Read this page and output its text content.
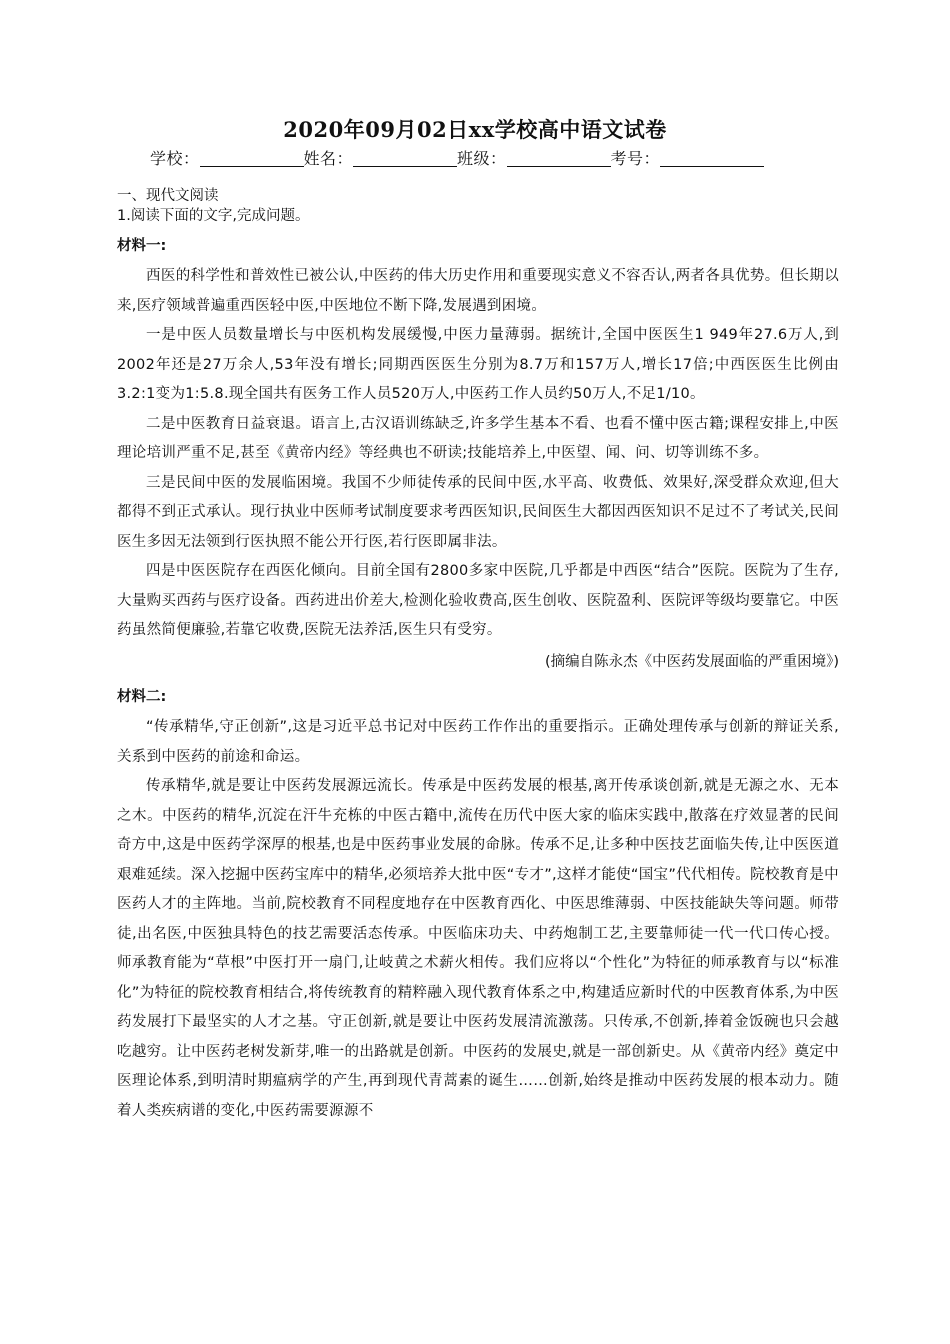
2020年09月02日xx学校高中语文试卷
学校：	姓名：	班级：	考号：

一、现代文阅读

1.阅读下面的文字,完成问题。

材料一:

西医的科学性和普效性已被公认,中医药的伟大历史作用和重要现实意义不容否认,两者各具优势。但长期以来,医疗领域普遍重西医轻中医,中医地位不断下降,发展遇到困境。

一是中医人员数量增长与中医机构发展缓慢,中医力量薄弱。据统计,全国中医医生1 949年27.6万人,到2002年还是27万余人,53年没有增长;同期西医医生分别为8.7万和157万人,增长17倍;中西医医生比例由3.2:1变为1:5.8.现全国共有医务工作人员520万人,中医药工作人员约50万人,不足1/10。

二是中医教育日益衰退。语言上,古汉语训练缺乏,许多学生基本不看、也看不懂中医古籍;课程安排上,中医理论培训严重不足,甚至《黄帝内经》等经典也不研读;技能培养上,中医望、闻、问、切等训练不多。

三是民间中医的发展临困境。我国不少师徒传承的民间中医,水平高、收费低、效果好,深受群众欢迎,但大都得不到正式承认。现行执业中医师考试制度要求考西医知识,民间医生大都因西医知识不足过不了考试关,民间医生多因无法领到行医执照不能公开行医,若行医即属非法。

四是中医医院存在西医化倾向。目前全国有2800多家中医院,几乎都是中西医“结合”医院。医院为了生存,大量购买西药与医疗设备。西药进出价差大,检测化验收费高,医生创收、医院盈利、医院评等级均要靠它。中医药虽然简便廉验,若靠它收费,医院无法养活,医生只有受穷。

(摘编自陈永杰《中医药发展面临的严重困境》)

材料二:

“传承精华,守正创新”,这是习近平总书记对中医药工作作出的重要指示。正确处理传承与创新的辩证关系,关系到中医药的前途和命运。

传承精华,就是要让中医药发展源远流长。传承是中医药发展的根基,离开传承谈创新,就是无源之水、无本之木。中医药的精华,沉淀在汗牛充栋的中医古籍中,流传在历代中医大家的临床实践中,散落在疗效显著的民间奇方中,这是中医药学深厚的根基,也是中医药事业发展的命脉。传承不足,让多种中医技艺面临失传,让中医医道艰难延续。深入挖掘中医药宝库中的精华,必须培养大批中医“专才”,这样才能使“国宝”代代相传。院校教育是中医药人才的主阵地。当前,院校教育不同程度地存在中医教育西化、中医思维薄弱、中医技能缺失等问题。师带徒,出名医,中医独具特色的技艺需要活态传承。中医临床功夫、中药炮制工艺,主要靠师徒一代一代口传心授。师承教育能为“草根”中医打开一扇门,让岐黄之术薪火相传。我们应将以“个性化”为特征的师承教育与以“标准化”为特征的院校教育相结合,将传统教育的精粹融入现代教育体系之中,构建适应新时代的中医教育体系,为中医药发展打下最坚实的人才之基。守正创新,就是要让中医药发展清流激荡。只传承,不创新,捧着金饭碗也只会越吃越穷。让中医药老树发新芽,唯一的出路就是创新。中医药的发展史,就是一部创新史。从《黄帝内经》奠定中医理论体系,到明清时期瘟病学的产生,再到现代青蒿素的诞生……创新,始终是推动中医药发展的根本动力。随着人类疾病谱的变化,中医药需要源源不
